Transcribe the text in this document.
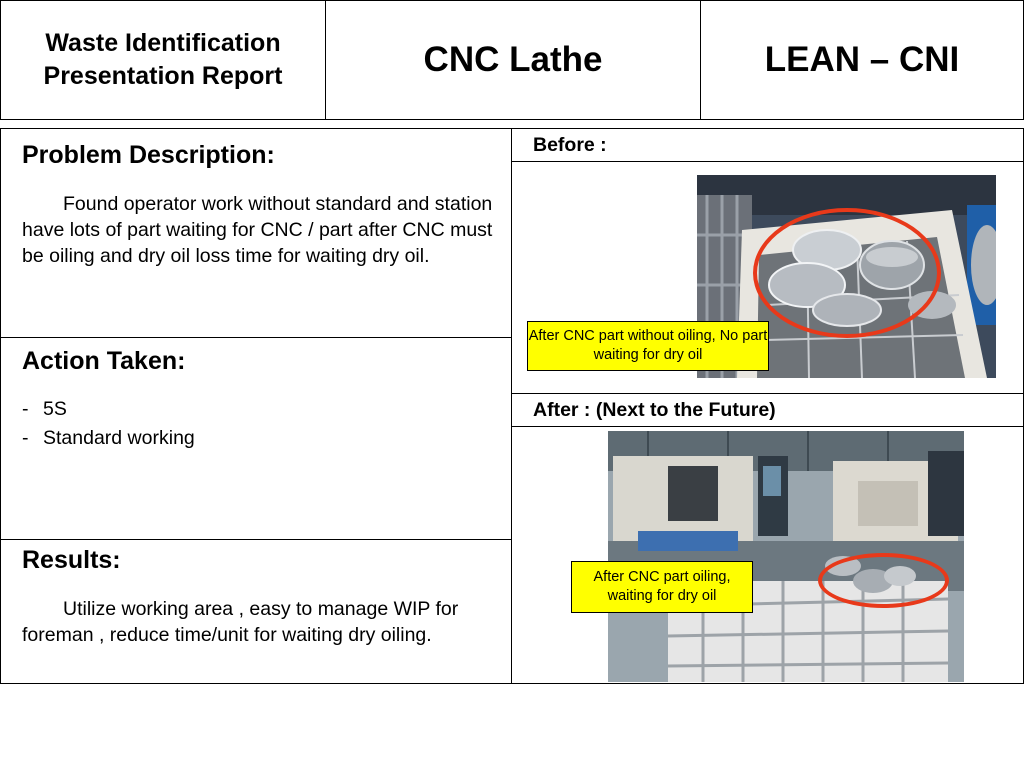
Waste Identification Presentation Report	CNC Lathe	LEAN – CNI
Problem Description:

Found operator work without standard and station have lots of part waiting for CNC / part after CNC must be oiling and dry oil loss time for waiting dry oil.

Action Taken:
- 5S
- Standard working
Results:

Utilize working area , easy to manage WIP for foreman , reduce time/unit for waiting dry oiling.

Before :
After CNC part without oiling, No part waiting for dry oil
After : (Next to the Future)
After CNC part oiling, waiting for dry oil
